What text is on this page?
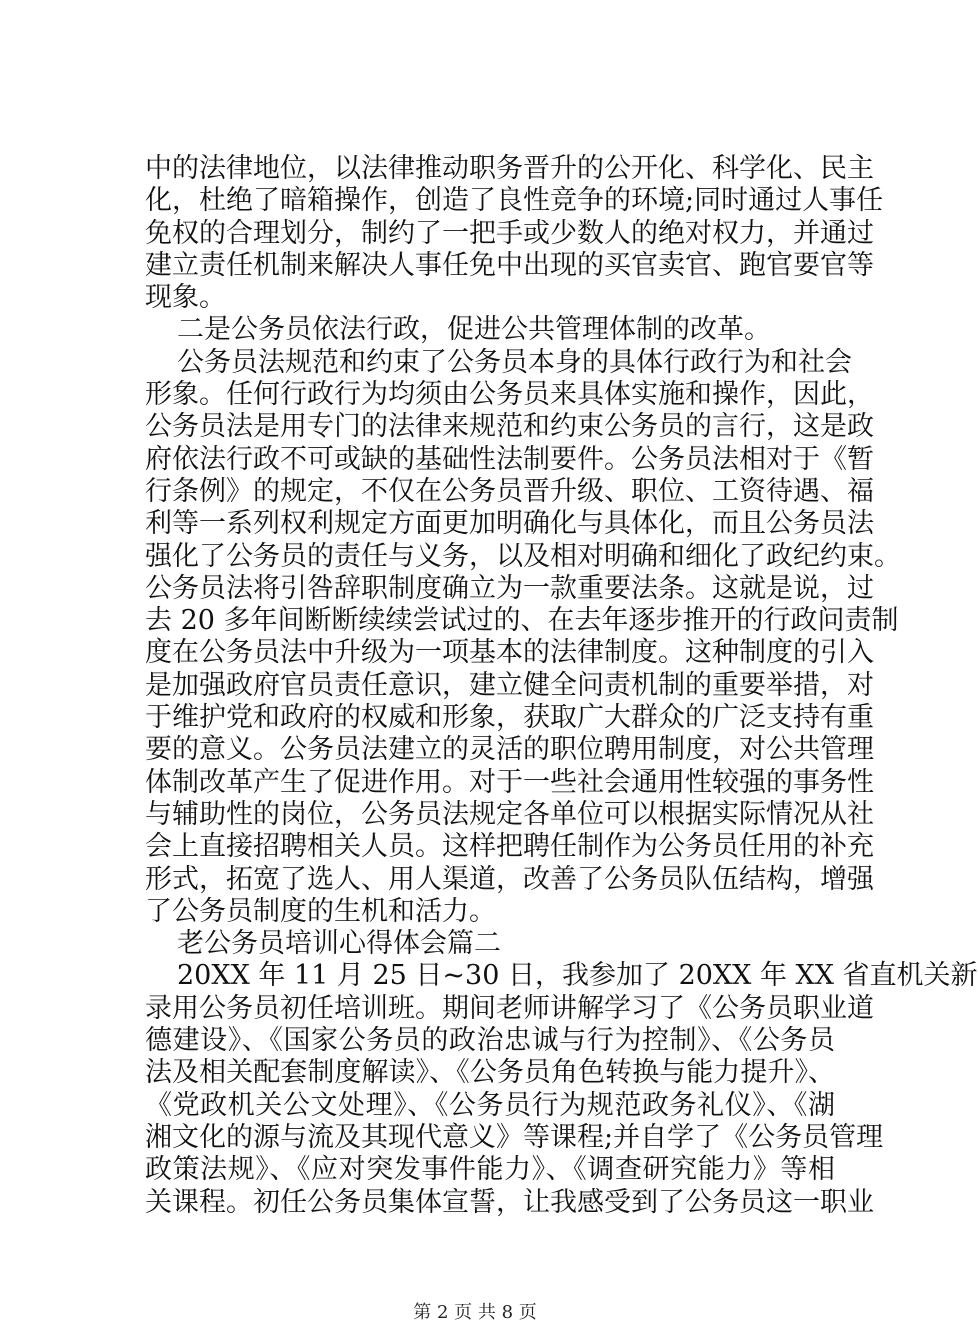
中的法律地位，以法律推动职务晋升的公开化、科学化、民主
化，杜绝了暗箱操作，创造了良性竞争的环境;同时通过人事任
免权的合理划分，制约了一把手或少数人的绝对权力，并通过
建立责任机制来解决人事任免中出现的买官卖官、跑官要官等
现象。
二是公务员依法行政，促进公共管理体制的改革。
公务员法规范和约束了公务员本身的具体行政行为和社会
形象。任何行政行为均须由公务员来具体实施和操作，因此，
公务员法是用专门的法律来规范和约束公务员的言行，这是政
府依法行政不可或缺的基础性法制要件。公务员法相对于《暂
行条例》的规定，不仅在公务员晋升级、职位、工资待遇、福
利等一系列权利规定方面更加明确化与具体化，而且公务员法
强化了公务员的责任与义务，以及相对明确和细化了政纪约束。
公务员法将引咎辞职制度确立为一款重要法条。这就是说，过
去 20 多年间断断续续尝试过的、在去年逐步推开的行政问责制
度在公务员法中升级为一项基本的法律制度。这种制度的引入
是加强政府官员责任意识，建立健全问责机制的重要举措，对
于维护党和政府的权威和形象，获取广大群众的广泛支持有重
要的意义。公务员法建立的灵活的职位聘用制度，对公共管理
体制改革产生了促进作用。对于一些社会通用性较强的事务性
与辅助性的岗位，公务员法规定各单位可以根据实际情况从社
会上直接招聘相关人员。这样把聘任制作为公务员任用的补充
形式，拓宽了选人、用人渠道，改善了公务员队伍结构，增强
了公务员制度的生机和活力。
老公务员培训心得体会篇二
20XX 年 11 月 25 日~30 日，我参加了 20XX 年 XX 省直机关新
录用公务员初任培训班。期间老师讲解学习了《公务员职业道
德建设》、《国家公务员的政治忠诚与行为控制》、《公务员
法及相关配套制度解读》、《公务员角色转换与能力提升》、
《党政机关公文处理》、《公务员行为规范政务礼仪》、《湖
湘文化的源与流及其现代意义》等课程;并自学了《公务员管理
政策法规》、《应对突发事件能力》、《调查研究能力》等相
关课程。初任公务员集体宣誓，让我感受到了公务员这一职业
第 2 页 共 8 页
